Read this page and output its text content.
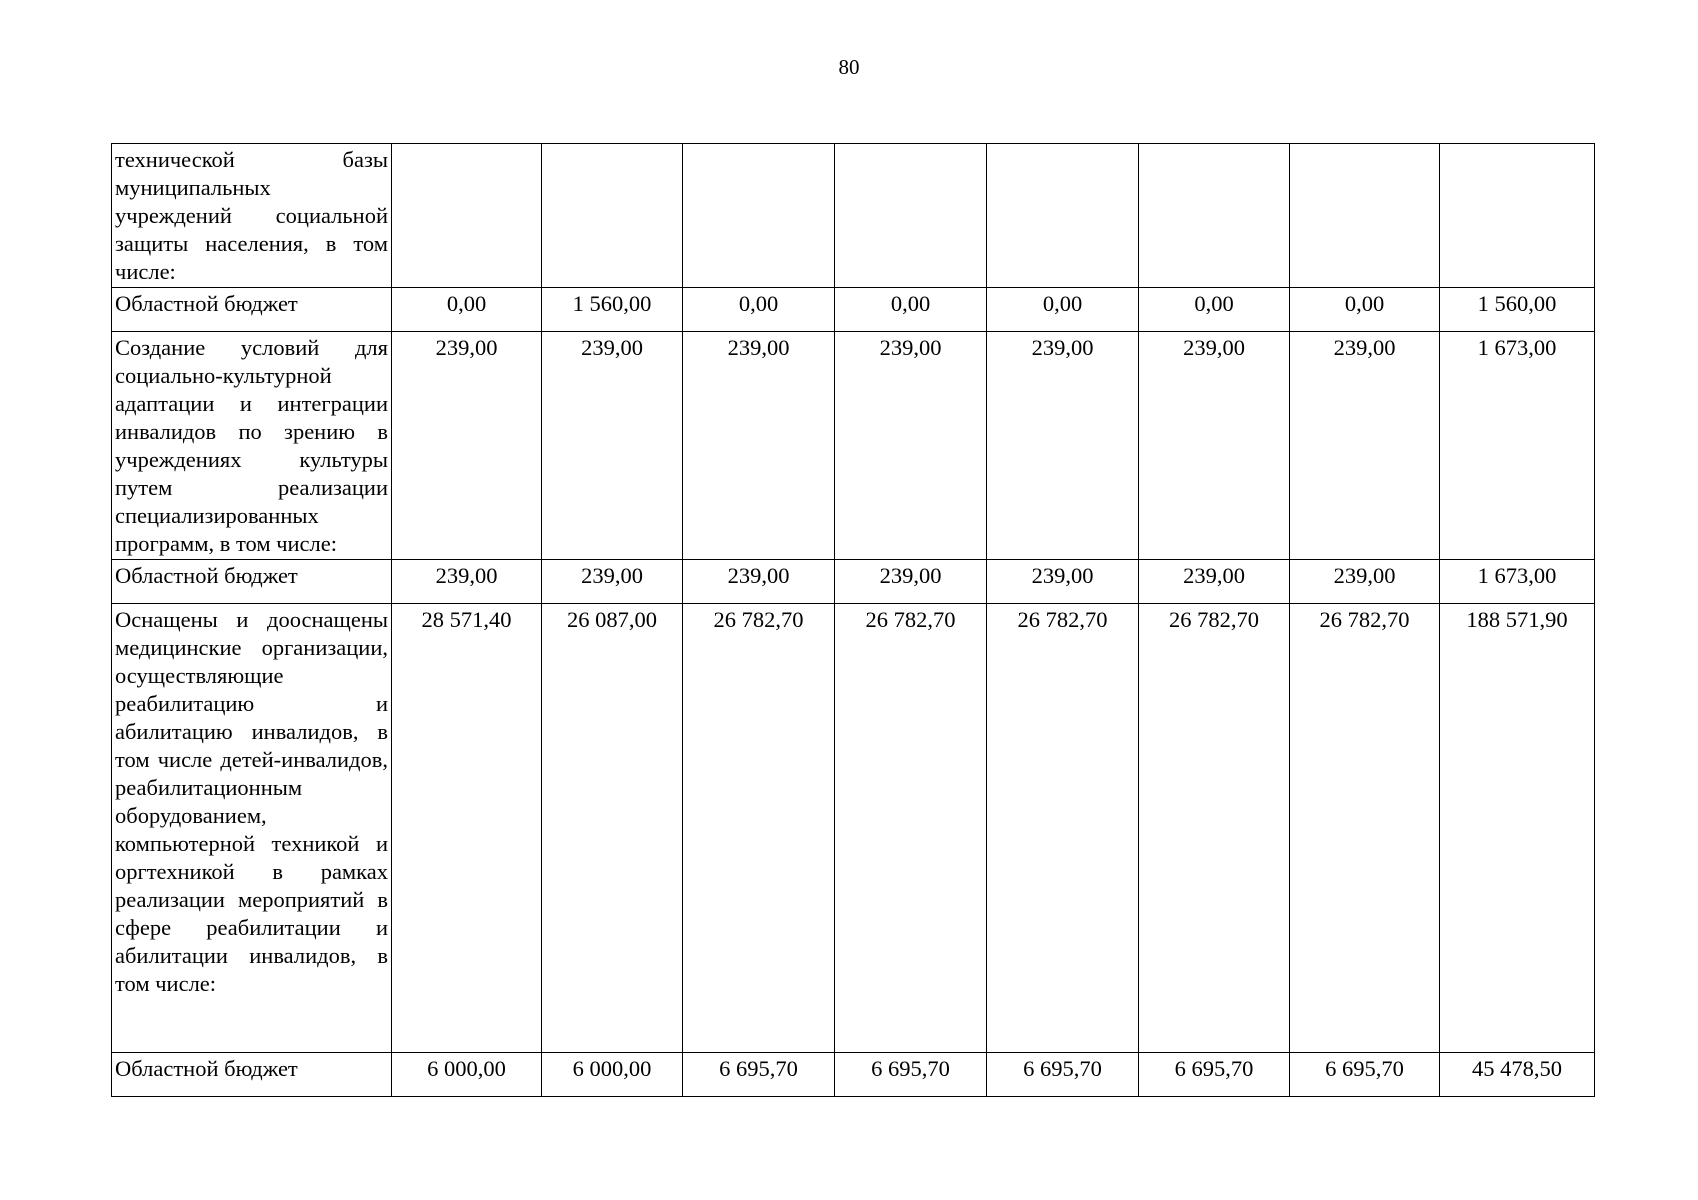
80
технической базы муниципальных учреждений социальной защиты населения, в том числе:								
Областной бюджет	0,00	1 560,00	0,00	0,00	0,00	0,00	0,00	1 560,00
Создание условий для социально-культурной адаптации и интеграции инвалидов по зрению в учреждениях культуры путем реализации специализированных программ, в том числе:	239,00	239,00	239,00	239,00	239,00	239,00	239,00	1 673,00
Областной бюджет	239,00	239,00	239,00	239,00	239,00	239,00	239,00	1 673,00
Оснащены и дооснащены медицинские организации, осуществляющие реабилитацию и абилитацию инвалидов, в том числе детей-инвалидов, реабилитационным оборудованием, компьютерной техникой и оргтехникой в рамках реализации мероприятий в сфере реабилитации и абилитации инвалидов, в том числе:	28 571,40	26 087,00	26 782,70	26 782,70	26 782,70	26 782,70	26 782,70	188 571,90
Областной бюджет	6 000,00	6 000,00	6 695,70	6 695,70	6 695,70	6 695,70	6 695,70	45 478,50
